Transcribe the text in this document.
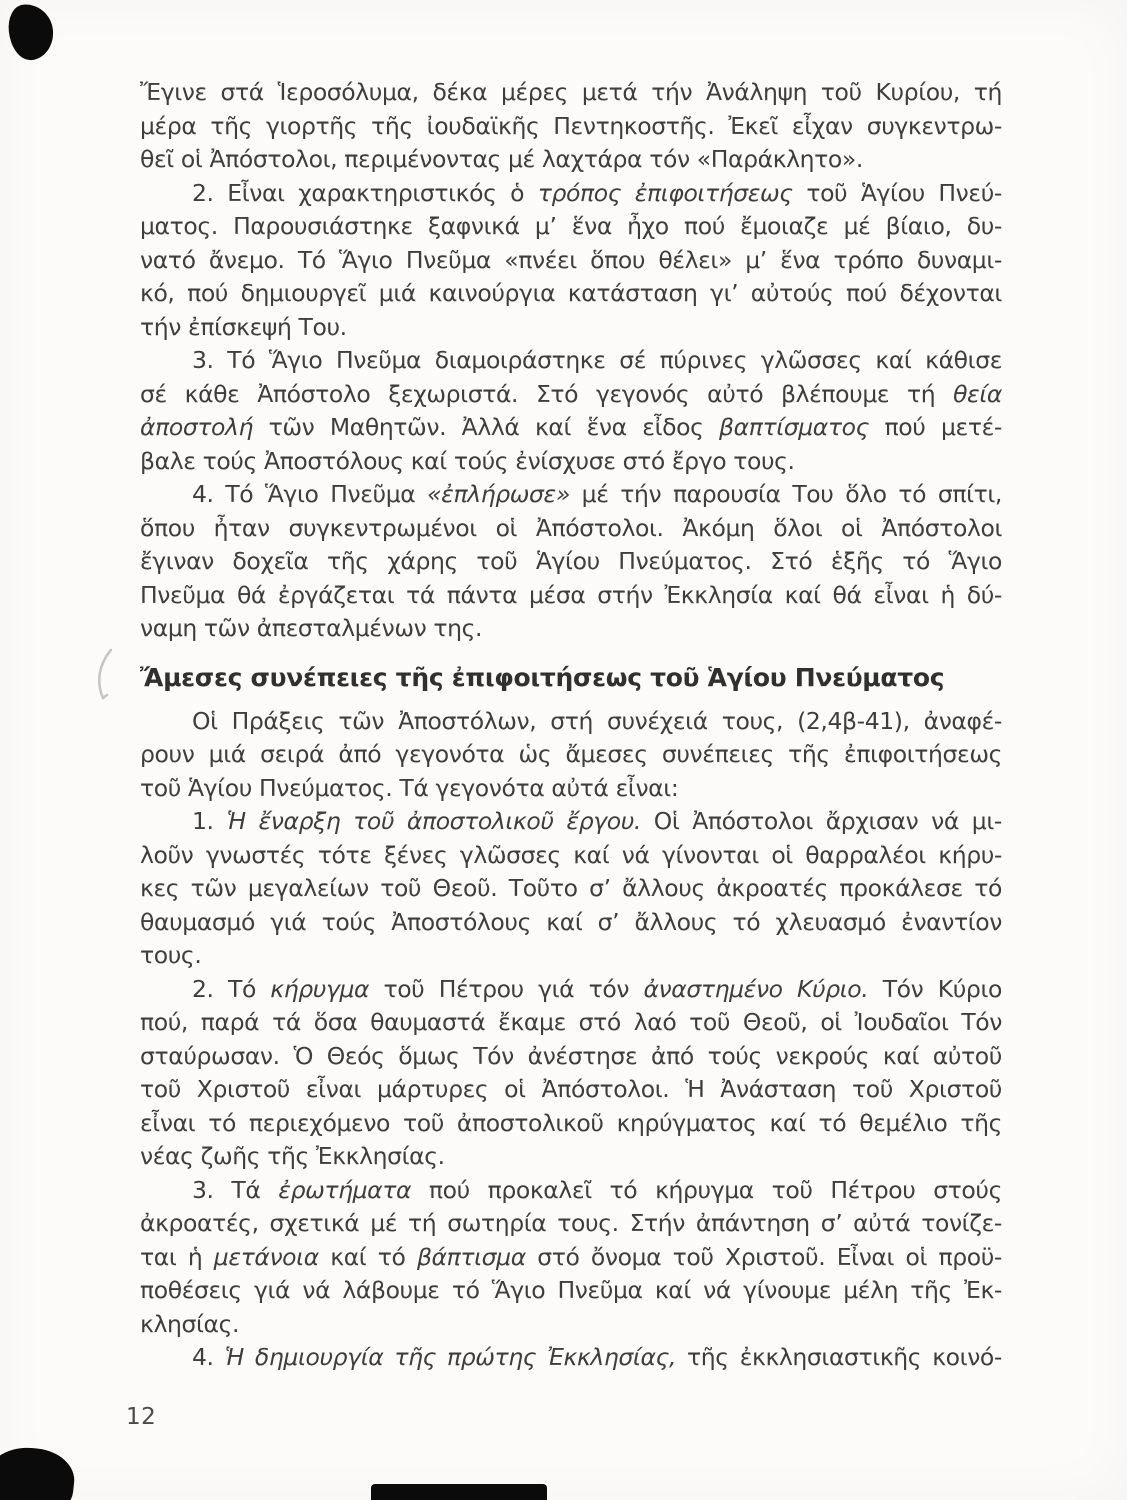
Ἔγινε στά Ἱεροσόλυμα, δέκα μέρες μετά τήν Ἀνάληψη τοῦ Κυρίου, τή
μέρα τῆς γιορτῆς τῆς ἰουδαϊκῆς Πεντηκοστῆς. Ἐκεῖ εἶχαν συγκεντρω-
θεῖ οἱ Ἀπόστολοι, περιμένοντας μέ λαχτάρα τόν «Παράκλητο».
2. Εἶναι χαρακτηριστικός ὁ τρόπος ἐπιφοιτήσεως τοῦ Ἁγίου Πνεύ-
ματος. Παρουσιάστηκε ξαφνικά μ’ ἕνα ἦχο πού ἔμοιαζε μέ βίαιο, δυ-
νατό ἄνεμο. Τό Ἅγιο Πνεῦμα «πνέει ὅπου θέλει» μ’ ἕνα τρόπο δυναμι-
κό, πού δημιουργεῖ μιά καινούργια κατάσταση γι’ αὐτούς πού δέχονται
τήν ἐπίσκεψή Του.
3. Τό Ἅγιο Πνεῦμα διαμοιράστηκε σέ πύρινες γλῶσσες καί κάθισε
σέ κάθε Ἀπόστολο ξεχωριστά. Στό γεγονός αὐτό βλέπουμε τή θεία
ἀποστολή τῶν Μαθητῶν. Ἀλλά καί ἕνα εἶδος βαπτίσματος πού μετέ-
βαλε τούς Ἀποστόλους καί τούς ἐνίσχυσε στό ἔργο τους.
4. Τό Ἅγιο Πνεῦμα «ἐπλήρωσε» μέ τήν παρουσία Του ὅλο τό σπίτι,
ὅπου ἦταν συγκεντρωμένοι οἱ Ἀπόστολοι. Ἀκόμη ὅλοι οἱ Ἀπόστολοι
ἔγιναν δοχεῖα τῆς χάρης τοῦ Ἁγίου Πνεύματος. Στό ἑξῆς τό Ἅγιο
Πνεῦμα θά ἐργάζεται τά πάντα μέσα στήν Ἐκκλησία καί θά εἶναι ἡ δύ-
ναμη τῶν ἀπεσταλμένων της.
Ἄμεσες συνέπειες τῆς ἐπιφοιτήσεως τοῦ Ἁγίου Πνεύματος
Οἱ Πράξεις τῶν Ἀποστόλων, στή συνέχειά τους, (2,4β-41), ἀναφέ-
ρουν μιά σειρά ἀπό γεγονότα ὡς ἄμεσες συνέπειες τῆς ἐπιφοιτήσεως
τοῦ Ἁγίου Πνεύματος. Τά γεγονότα αὐτά εἶναι:
1. Ἡ ἔναρξη τοῦ ἀποστολικοῦ ἔργου. Οἱ Ἀπόστολοι ἄρχισαν νά μι-
λοῦν γνωστές τότε ξένες γλῶσσες καί νά γίνονται οἱ θαρραλέοι κήρυ-
κες τῶν μεγαλείων τοῦ Θεοῦ. Τοῦτο σ’ ἄλλους ἀκροατές προκάλεσε τό
θαυμασμό γιά τούς Ἀποστόλους καί σ’ ἄλλους τό χλευασμό ἐναντίον
τους.
2. Τό κήρυγμα τοῦ Πέτρου γιά τόν ἀναστημένο Κύριο. Τόν Κύριο
πού, παρά τά ὅσα θαυμαστά ἔκαμε στό λαό τοῦ Θεοῦ, οἱ Ἰουδαῖοι Τόν
σταύρωσαν. Ὁ Θεός ὅμως Τόν ἀνέστησε ἀπό τούς νεκρούς καί αὐτοῦ
τοῦ Χριστοῦ εἶναι μάρτυρες οἱ Ἀπόστολοι. Ἡ Ἀνάσταση τοῦ Χριστοῦ
εἶναι τό περιεχόμενο τοῦ ἀποστολικοῦ κηρύγματος καί τό θεμέλιο τῆς
νέας ζωῆς τῆς Ἐκκλησίας.
3. Τά ἐρωτήματα πού προκαλεῖ τό κήρυγμα τοῦ Πέτρου στούς
ἀκροατές, σχετικά μέ τή σωτηρία τους. Στήν ἀπάντηση σ’ αὐτά τονίζε-
ται ἡ μετάνοια καί τό βάπτισμα στό ὄνομα τοῦ Χριστοῦ. Εἶναι οἱ προϋ-
ποθέσεις γιά νά λάβουμε τό Ἅγιο Πνεῦμα καί νά γίνουμε μέλη τῆς Ἐκ-
κλησίας.
4. Ἡ δημιουργία τῆς πρώτης Ἐκκλησίας, τῆς ἐκκλησιαστικῆς κοινό-
12
